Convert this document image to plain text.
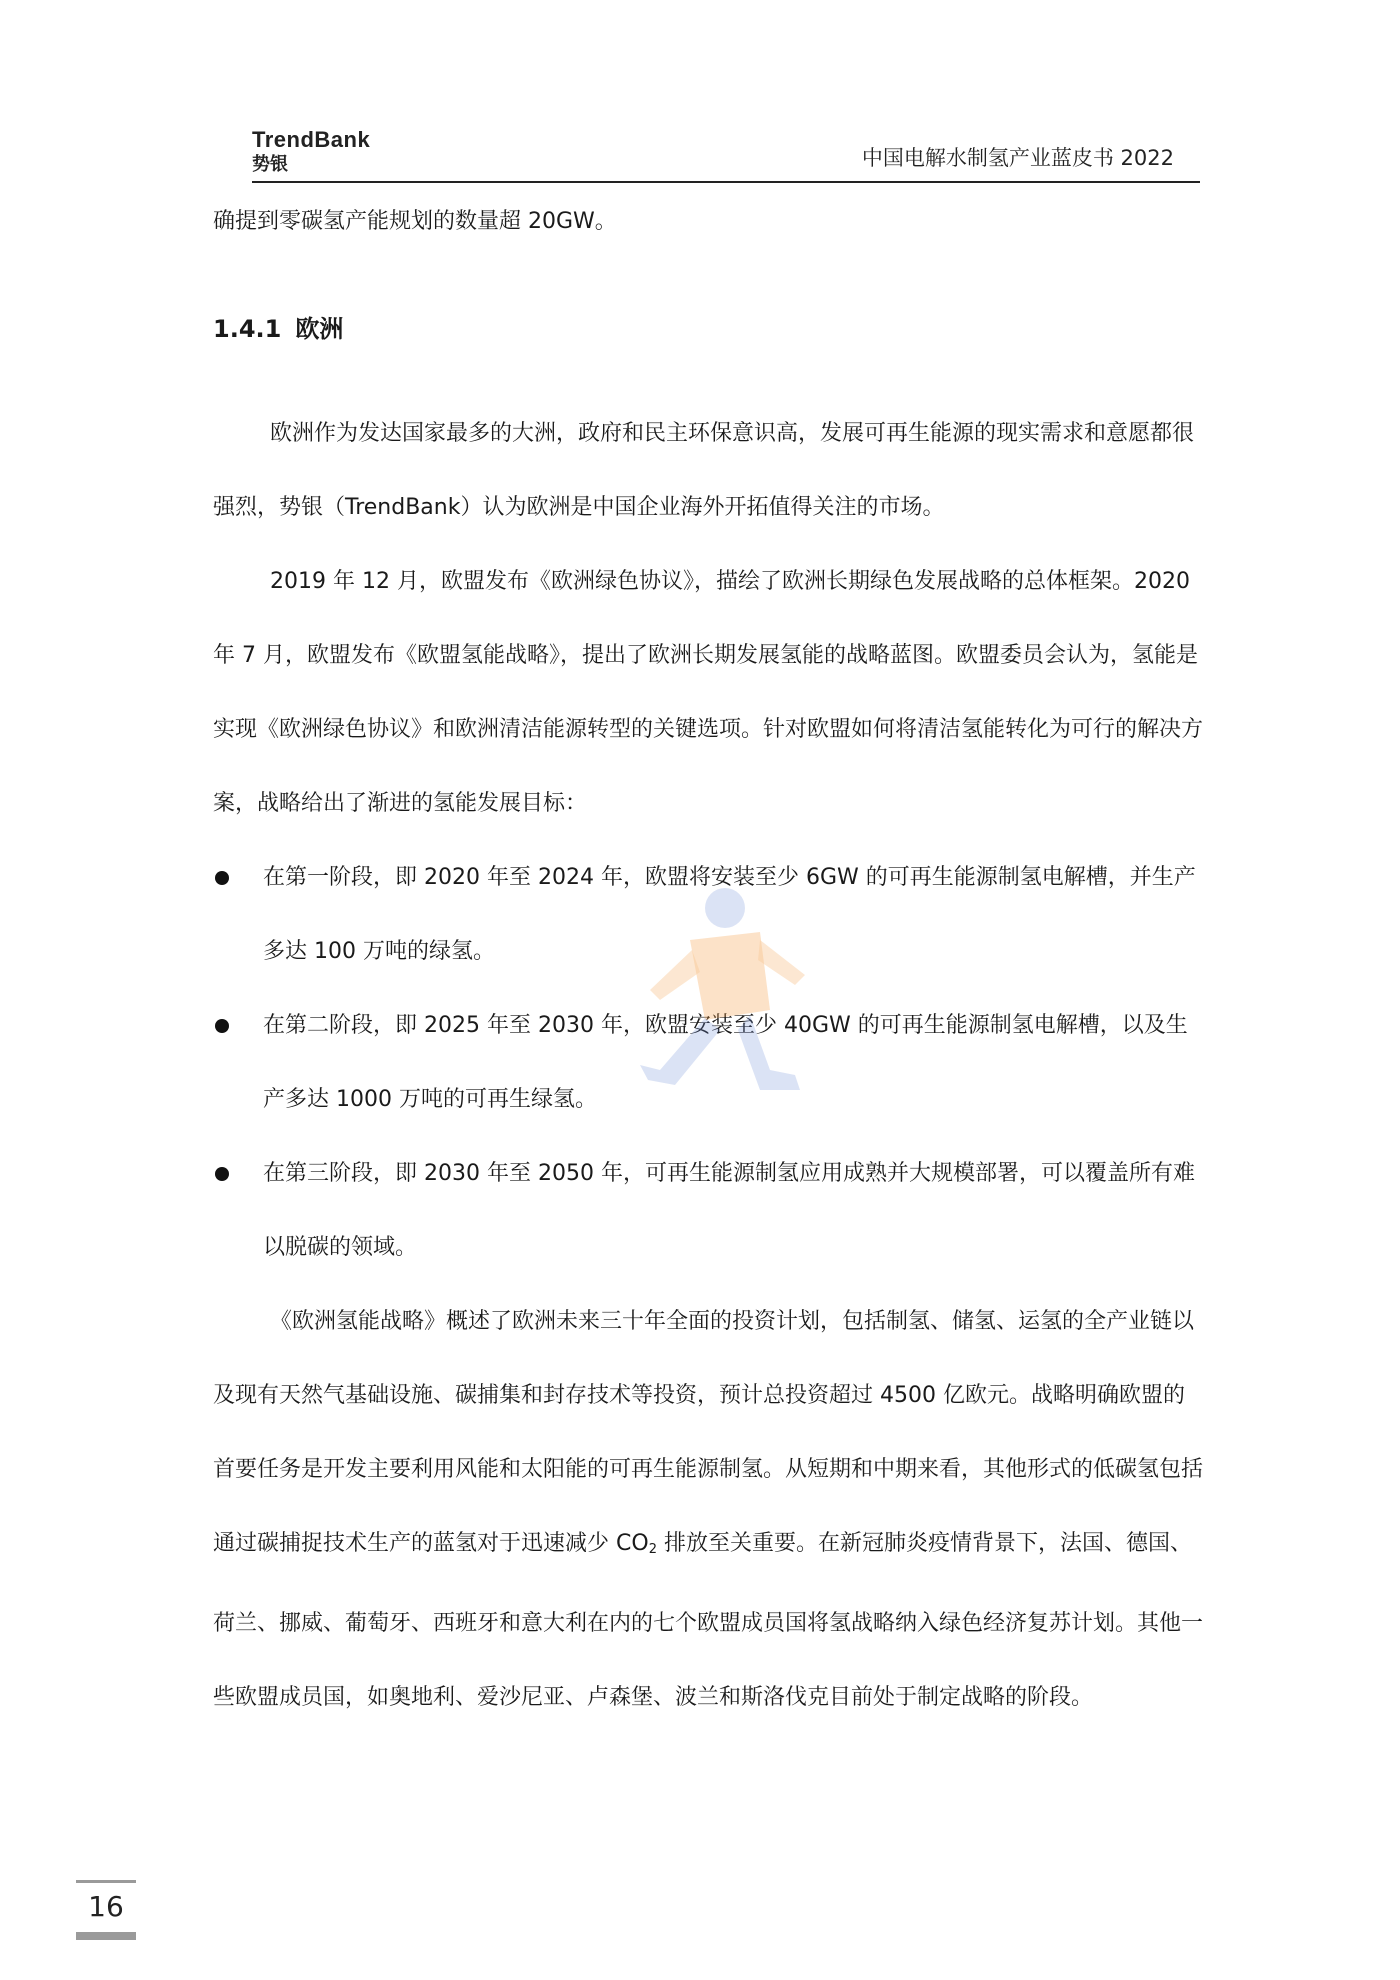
TrendBank
势银	中国电解水制氢产业蓝皮书 2022

确提到零碳氢产能规划的数量超 20GW。

1.4.1 欧洲

欧洲作为发达国家最多的大洲，政府和民主环保意识高，发展可再生能源的现实需求和意愿都很强烈，势银（TrendBank）认为欧洲是中国企业海外开拓值得关注的市场。

2019 年 12 月，欧盟发布《欧洲绿色协议》，描绘了欧洲长期绿色发展战略的总体框架。2020 年 7 月，欧盟发布《欧盟氢能战略》，提出了欧洲长期发展氢能的战略蓝图。欧盟委员会认为，氢能是实现《欧洲绿色协议》和欧洲清洁能源转型的关键选项。针对欧盟如何将清洁氢能转化为可行的解决方案，战略给出了渐进的氢能发展目标：

在第一阶段，即 2020 年至 2024 年，欧盟将安装至少 6GW 的可再生能源制氢电解槽，并生产多达 100 万吨的绿氢。

在第二阶段，即 2025 年至 2030 年，欧盟安装至少 40GW 的可再生能源制氢电解槽，以及生产多达 1000 万吨的可再生绿氢。

在第三阶段，即 2030 年至 2050 年，可再生能源制氢应用成熟并大规模部署，可以覆盖所有难以脱碳的领域。

《欧洲氢能战略》概述了欧洲未来三十年全面的投资计划，包括制氢、储氢、运氢的全产业链以及现有天然气基础设施、碳捕集和封存技术等投资，预计总投资超过 4500 亿欧元。战略明确欧盟的首要任务是开发主要利用风能和太阳能的可再生能源制氢。从短期和中期来看，其他形式的低碳氢包括通过碳捕捉技术生产的蓝氢对于迅速减少 $CO_2$ 排放至关重要。在新冠肺炎疫情背景下，法国、德国、荷兰、挪威、葡萄牙、西班牙和意大利在内的七个欧盟成员国将氢战略纳入绿色经济复苏计划。其他一些欧盟成员国，如奥地利、爱沙尼亚、卢森堡、波兰和斯洛伐克目前处于制定战略的阶段。

16
